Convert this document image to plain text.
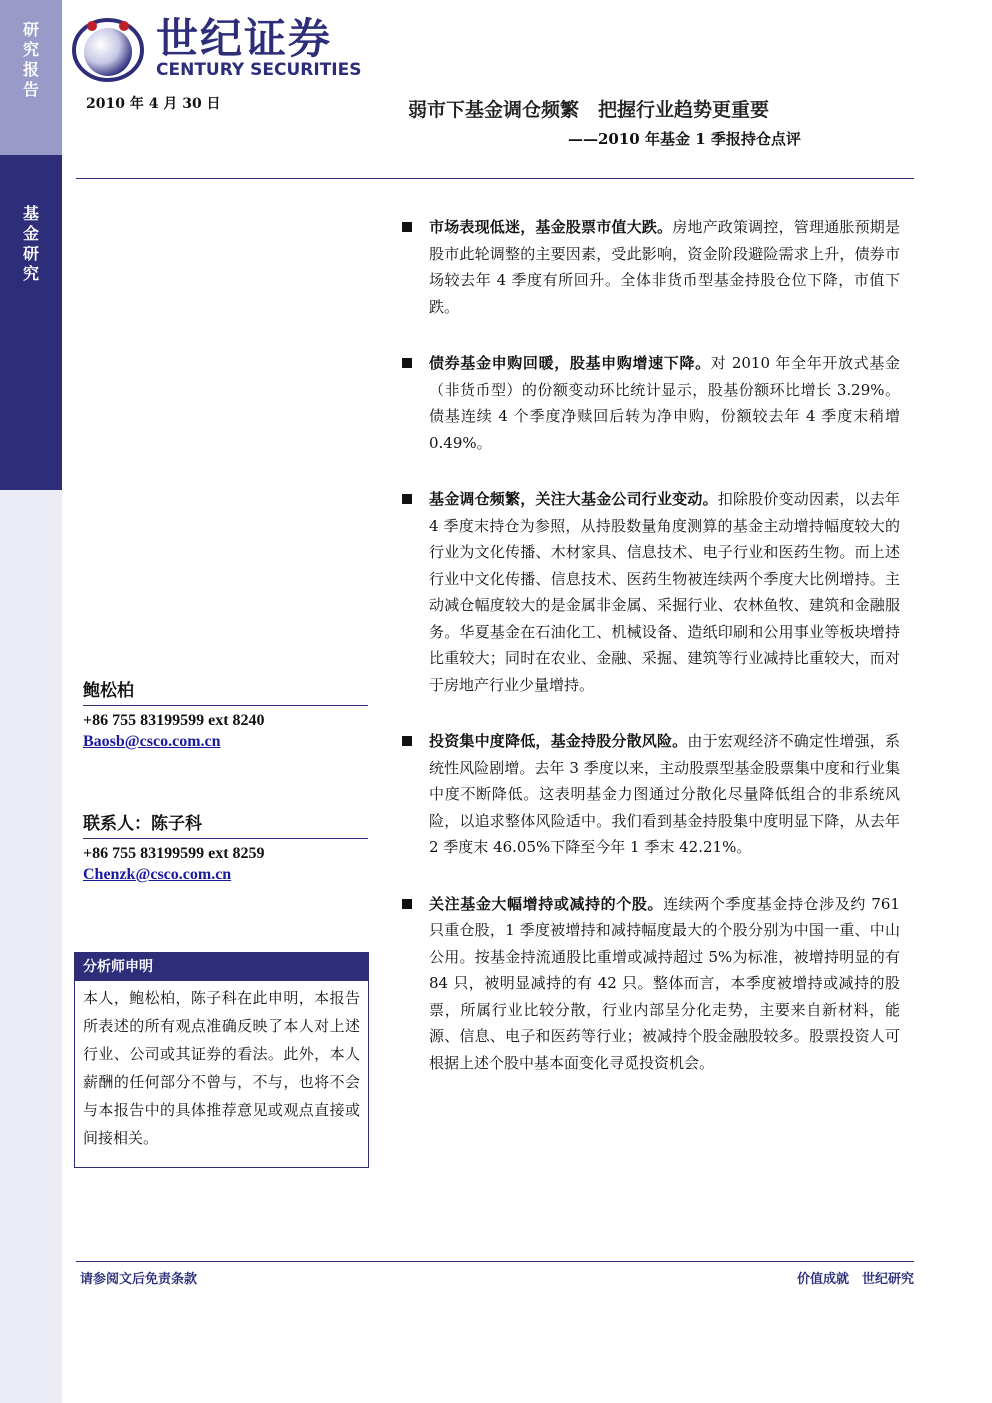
研
究
报
告
基
金
研
究
世纪证券
CENTURY SECURITIES
2010 年 4 月 30 日	弱市下基金调仓频繁　把握行业趋势更重要
——2010 年基金 1 季报持仓点评
市场表现低迷，基金股票市值大跌。房地产政策调控，管理通胀预期是股市此轮调整的主要因素，受此影响，资金阶段避险需求上升，债券市场较去年 4 季度有所回升。全体非货币型基金持股仓位下降，市值下跌。
债券基金申购回暖，股基申购增速下降。对 2010 年全年开放式基金（非货币型）的份额变动环比统计显示，股基份额环比增长 3.29%。债基连续 4 个季度净赎回后转为净申购，份额较去年 4 季度末稍增 0.49%。
基金调仓频繁，关注大基金公司行业变动。扣除股价变动因素，以去年 4 季度末持仓为参照，从持股数量角度测算的基金主动增持幅度较大的行业为文化传播、木材家具、信息技术、电子行业和医药生物。而上述行业中文化传播、信息技术、医药生物被连续两个季度大比例增持。主动减仓幅度较大的是金属非金属、采掘行业、农林鱼牧、建筑和金融服务。华夏基金在石油化工、机械设备、造纸印刷和公用事业等板块增持比重较大；同时在农业、金融、采掘、建筑等行业减持比重较大，而对于房地产行业少量增持。
投资集中度降低，基金持股分散风险。由于宏观经济不确定性增强，系统性风险剧增。去年 3 季度以来，主动股票型基金股票集中度和行业集中度不断降低。这表明基金力图通过分散化尽量降低组合的非系统风险，以追求整体风险适中。我们看到基金持股集中度明显下降，从去年 2 季度末 46.05%下降至今年 1 季末 42.21%。
关注基金大幅增持或减持的个股。连续两个季度基金持仓涉及约 761 只重仓股，1 季度被增持和减持幅度最大的个股分别为中国一重、中山公用。按基金持流通股比重增或减持超过 5%为标准，被增持明显的有 84 只，被明显减持的有 42 只。整体而言，本季度被增持或减持的股票，所属行业比较分散，行业内部呈分化走势，主要来自新材料，能源、信息、电子和医药等行业；被减持个股金融股较多。股票投资人可根据上述个股中基本面变化寻觅投资机会。
鲍松柏
+86 755 83199599 ext 8240
Baosb@csco.com.cn
联系人：陈子科
+86 755 83199599 ext 8259
Chenzk@csco.com.cn
分析师申明
本人，鲍松柏，陈子科在此申明，本报告所表述的所有观点准确反映了本人对上述行业、公司或其证券的看法。此外，本人薪酬的任何部分不曾与，不与，也将不会与本报告中的具体推荐意见或观点直接或间接相关。
请参阅文后免责条款	价值成就　世纪研究
